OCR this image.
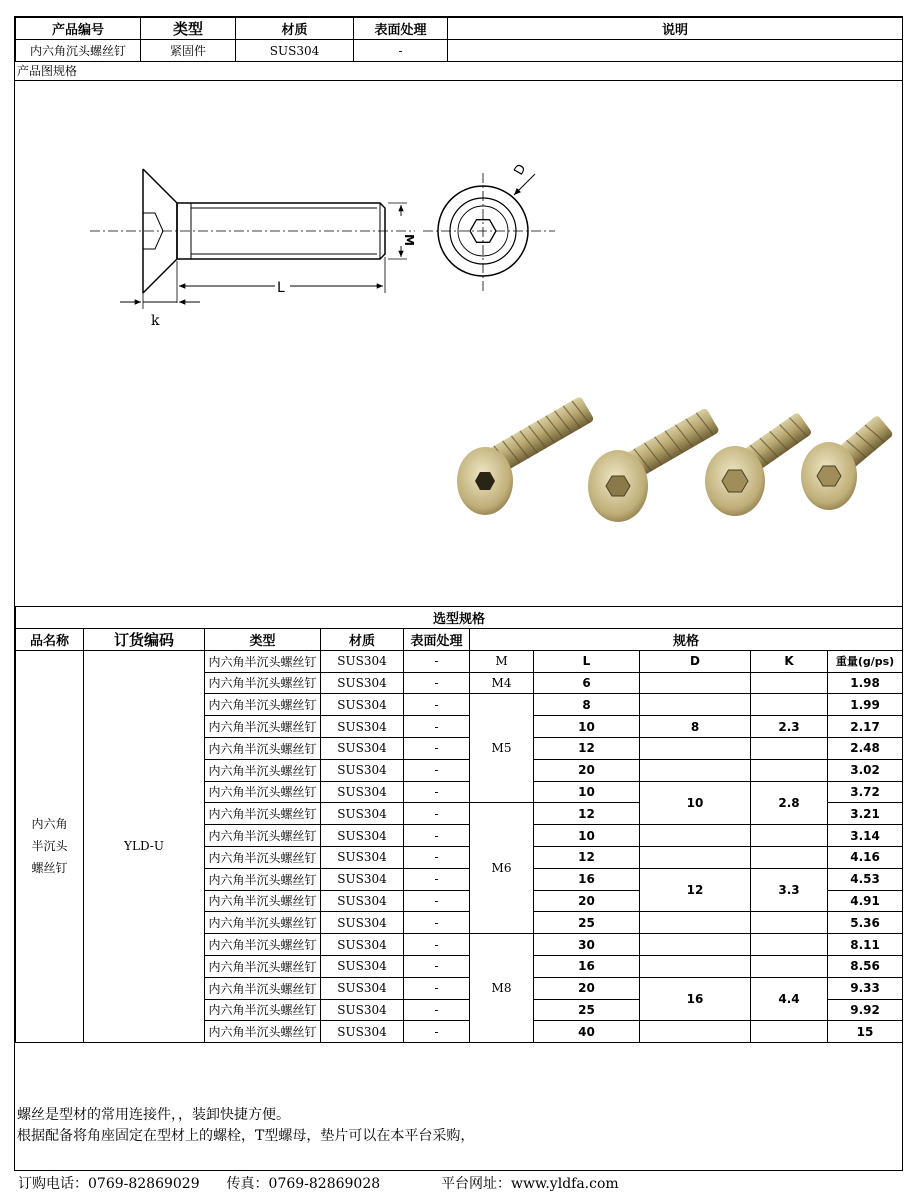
产品编号	类型	材质	表面处理	说明
内六角沉头螺丝钉	紧固件	SUS304	-	
产品图规格
M
L
k
D
选型规格									
品名称	订货编码	类型	材质	表面处理	规格				

内六角半沉头螺丝钉	YLD-U	内六角半沉头螺丝钉	SUS304	-	M	L	D	K	重量(g/ps)
		内六角半沉头螺丝钉	SUS304	-	M4	6			1.98
		内六角半沉头螺丝钉	SUS304	-	M5	8			1.99
		内六角半沉头螺丝钉	SUS304	-		10	8	2.3	2.17
		内六角半沉头螺丝钉	SUS304	-		12			2.48
		内六角半沉头螺丝钉	SUS304	-		20			3.02
		内六角半沉头螺丝钉	SUS304	-		10	10	2.8	3.72
		内六角半沉头螺丝钉	SUS304	-	M6	12			3.21
		内六角半沉头螺丝钉	SUS304	-		10			3.14
		内六角半沉头螺丝钉	SUS304	-		12			4.16
		内六角半沉头螺丝钉	SUS304	-		16	12	3.3	4.53
		内六角半沉头螺丝钉	SUS304	-		20			4.91
		内六角半沉头螺丝钉	SUS304	-		25			5.36
		内六角半沉头螺丝钉	SUS304	-	M8	30			8.11
		内六角半沉头螺丝钉	SUS304	-		16			8.56
		内六角半沉头螺丝钉	SUS304	-		20	16	4.4	9.33
		内六角半沉头螺丝钉	SUS304	-		25			9.92
		内六角半沉头螺丝钉	SUS304	-		40			15
螺丝是型材的常用连接件，，装卸快捷方便。
根据配备将角座固定在型材上的螺栓，T型螺母，垫片可以在本平台采购，
订购电话：0769-82869029 传真：0769-82869028	平台网址：www.yldfa.com
